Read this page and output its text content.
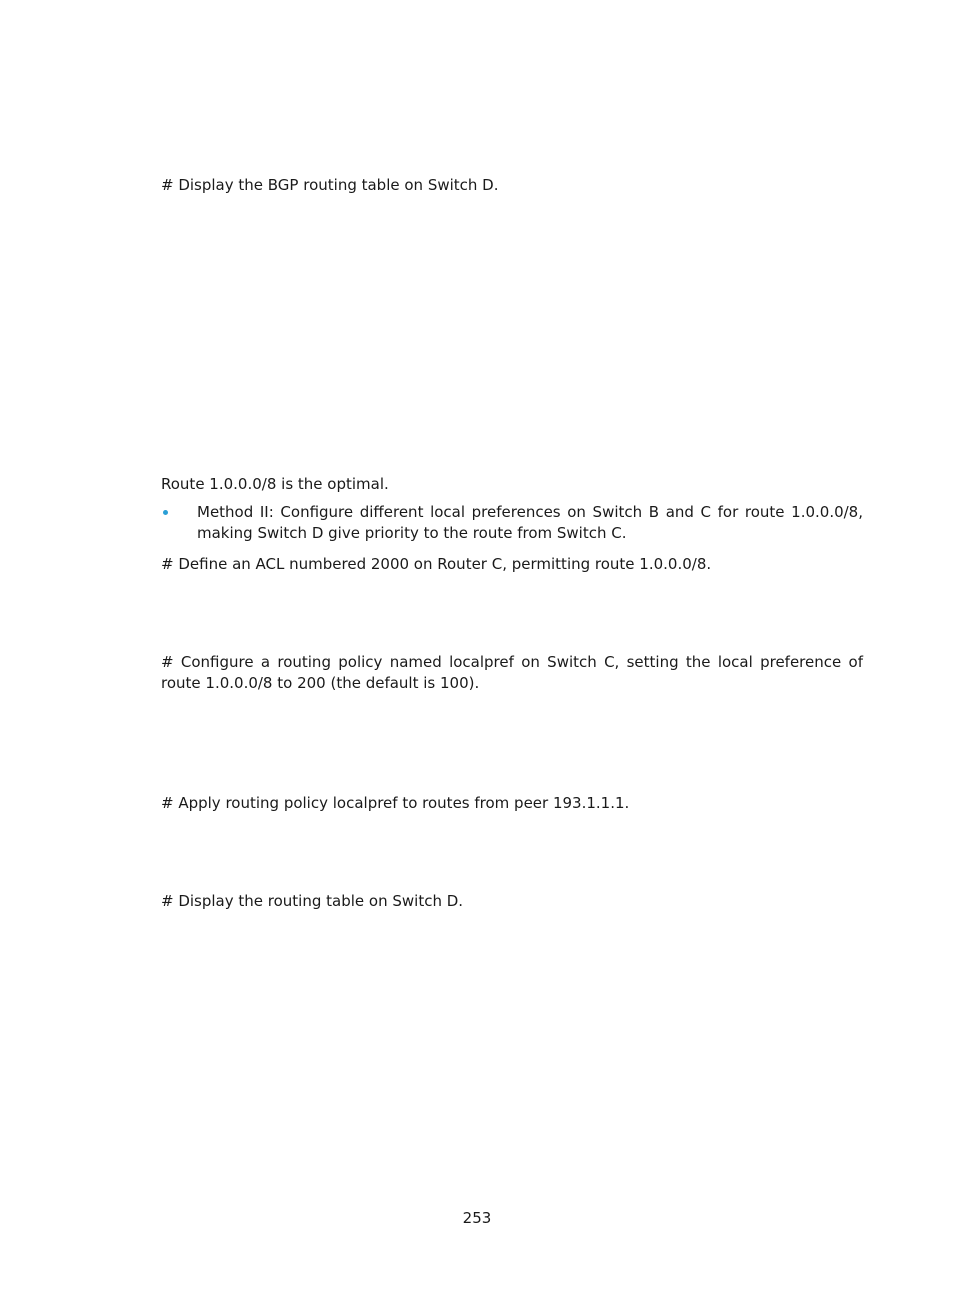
# Display the BGP routing table on Switch D.

Route 1.0.0.0/8 is the optimal.

Method II: Configure different local preferences on Switch B and C for route 1.0.0.0/8, making Switch D give priority to the route from Switch C.

# Define an ACL numbered 2000 on Router C, permitting route 1.0.0.0/8.

# Configure a routing policy named localpref on Switch C, setting the local preference of route 1.0.0.0/8 to 200 (the default is 100).

# Apply routing policy localpref to routes from peer 193.1.1.1.

# Display the routing table on Switch D.

253
